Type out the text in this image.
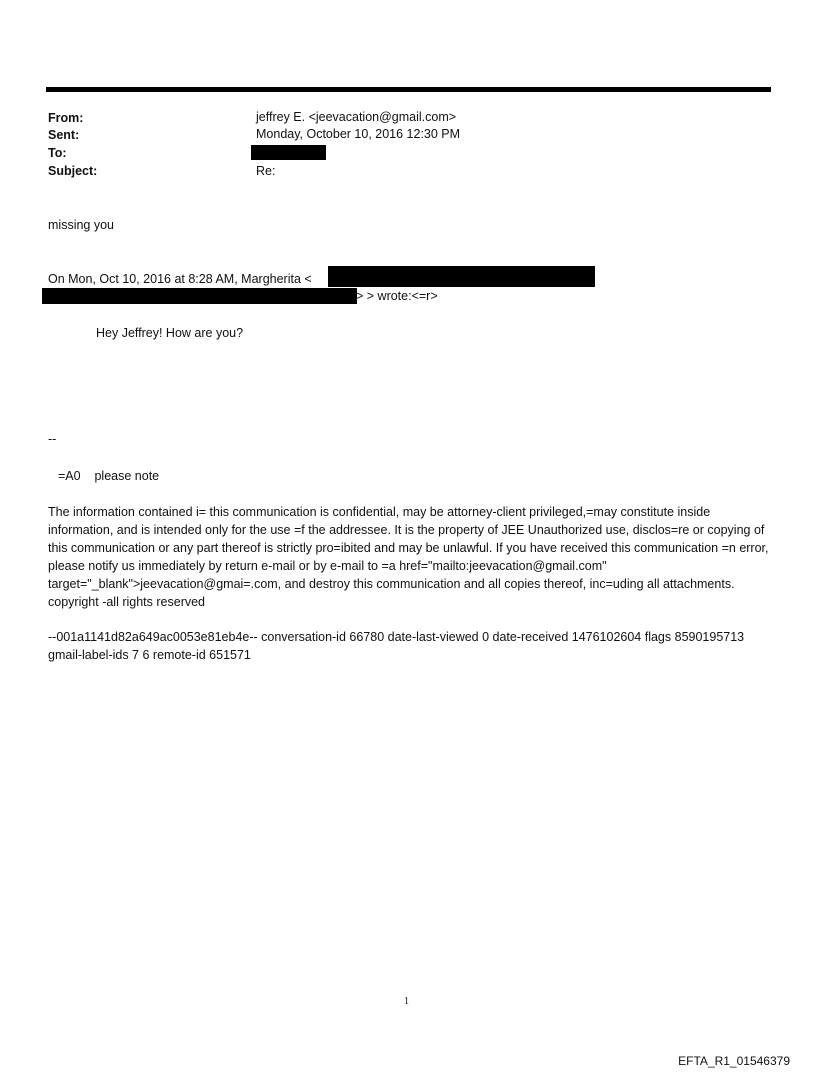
From:	jeffrey E. <jeevacation@gmail.com>
Sent:	Monday, October 10, 2016 12:30 PM
To:
Subject:	Re:
missing you
On Mon, Oct 10, 2016 at 8:28 AM, Margherita <
> > wrote:<=r>
Hey Jeffrey! How are you?
--
=A0    please note
The information contained i= this communication is confidential, may be attorney-client privileged,=may constitute inside information, and is intended only for the use =f the addressee. It is the property of JEE Unauthorized use, disclos=re or copying of this communication or any part thereof is strictly pro=ibited and may be unlawful. If you have received this communication =n error, please notify us immediately by return e-mail or by e-mail to =a href="mailto:jeevacation@gmail.com" target="_blank">jeevacation@gmai=.com, and destroy this communication and all copies thereof, inc=uding all attachments. copyright -all rights reserved
--001a1141d82a649ac0053e81eb4e-- conversation-id 66780 date-last-viewed 0 date-received 1476102604 flags 8590195713 gmail-label-ids 7 6 remote-id 651571
1
EFTA_R1_01546379
